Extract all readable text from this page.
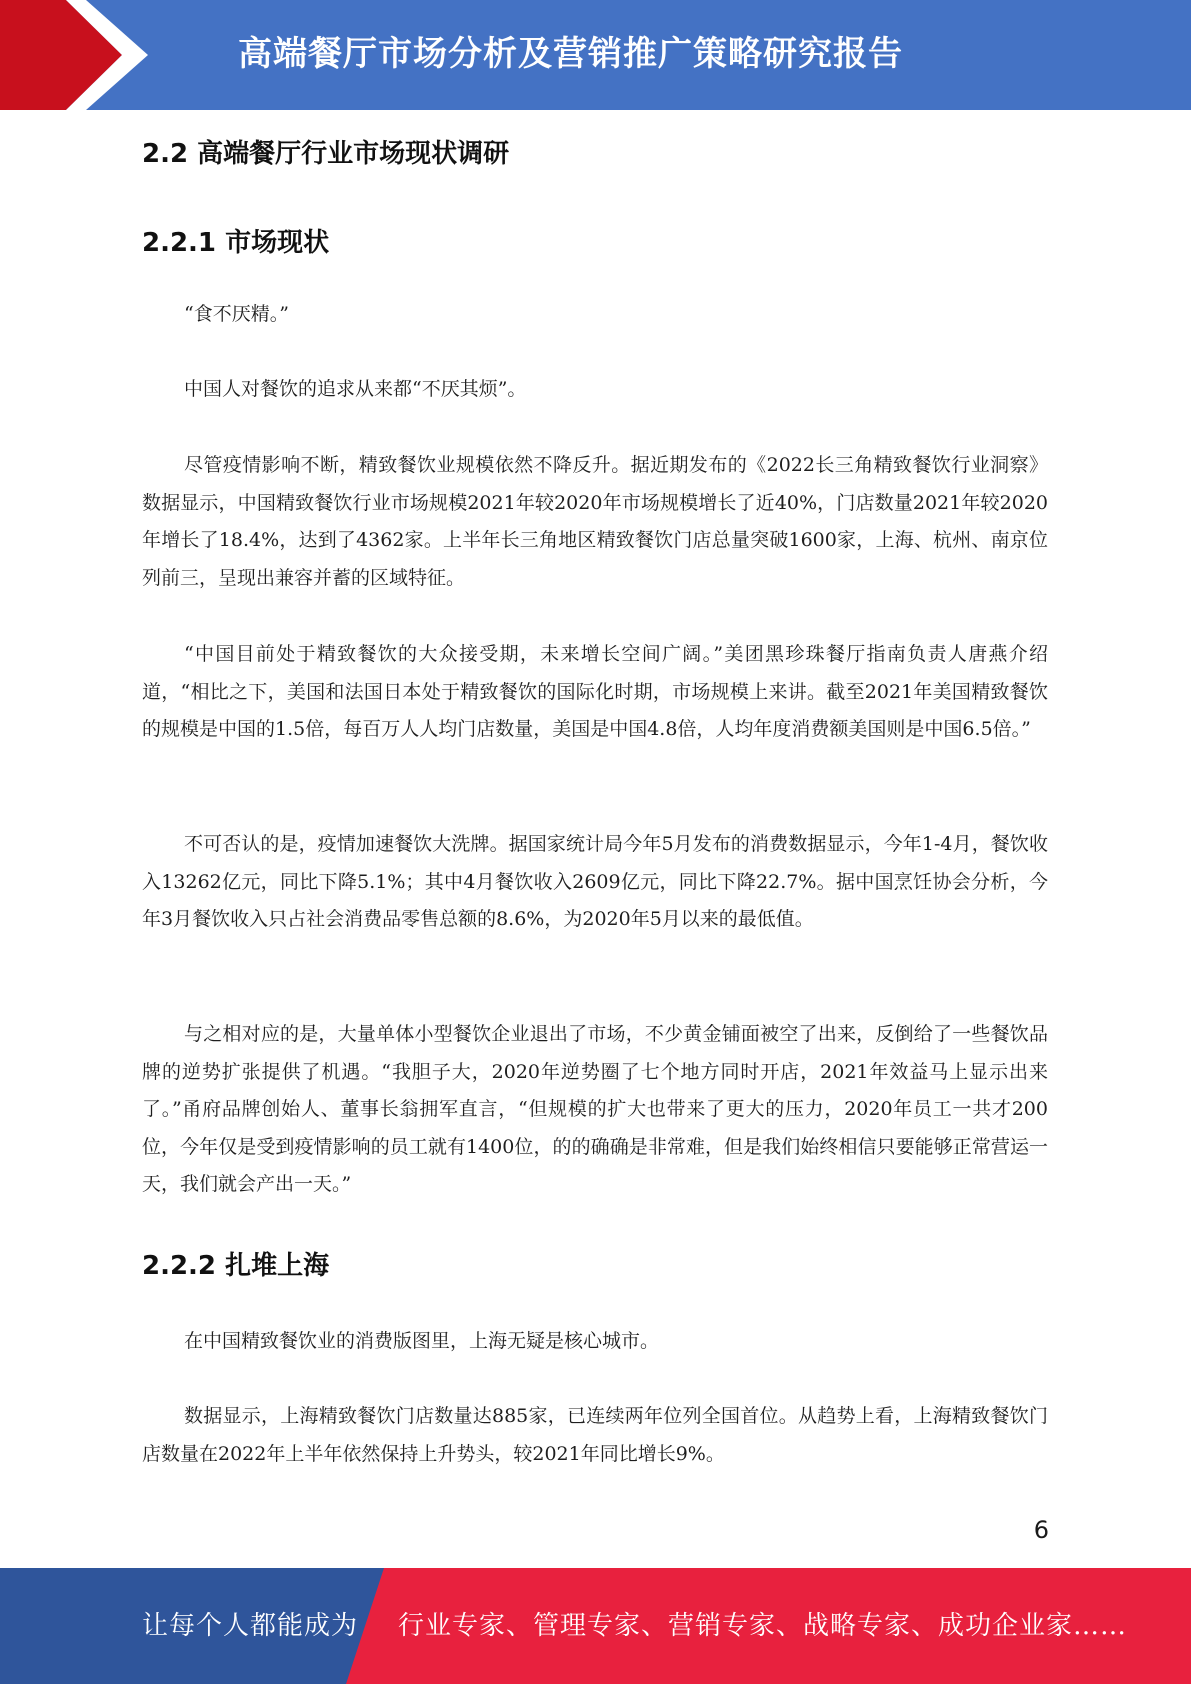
高端餐厅市场分析及营销推广策略研究报告
2.2 高端餐厅行业市场现状调研
2.2.1 市场现状

“食不厌精。”

中国人对餐饮的追求从来都“不厌其烦”。

尽管疫情影响不断，精致餐饮业规模依然不降反升。据近期发布的《2022长三角精致餐饮行业洞察》数据显示，中国精致餐饮行业市场规模2021年较2020年市场规模增长了近40%，门店数量2021年较2020年增长了18.4%，达到了4362家。上半年长三角地区精致餐饮门店总量突破1600家，上海、杭州、南京位列前三，呈现出兼容并蓄的区域特征。

“中国目前处于精致餐饮的大众接受期，未来增长空间广阔。”美团黑珍珠餐厅指南负责人唐燕介绍道，“相比之下，美国和法国日本处于精致餐饮的国际化时期，市场规模上来讲。截至2021年美国精致餐饮的规模是中国的1.5倍，每百万人人均门店数量，美国是中国4.8倍，人均年度消费额美国则是中国6.5倍。”

不可否认的是，疫情加速餐饮大洗牌。据国家统计局今年5月发布的消费数据显示，今年1-4月，餐饮收入13262亿元，同比下降5.1%；其中4月餐饮收入2609亿元，同比下降22.7%。据中国烹饪协会分析，今年3月餐饮收入只占社会消费品零售总额的8.6%，为2020年5月以来的最低值。

与之相对应的是，大量单体小型餐饮企业退出了市场，不少黄金铺面被空了出来，反倒给了一些餐饮品牌的逆势扩张提供了机遇。“我胆子大，2020年逆势圈了七个地方同时开店，2021年效益马上显示出来了。”甬府品牌创始人、董事长翁拥军直言，“但规模的扩大也带来了更大的压力，2020年员工一共才200位，今年仅是受到疫情影响的员工就有1400位，的的确确是非常难，但是我们始终相信只要能够正常营运一天，我们就会产出一天。”

2.2.2 扎堆上海

在中国精致餐饮业的消费版图里，上海无疑是核心城市。

数据显示，上海精致餐饮门店数量达885家，已连续两年位列全国首位。从趋势上看，上海精致餐饮门店数量在2022年上半年依然保持上升势头，较2021年同比增长9%。

6
让每个人都能成为 行业专家、管理专家、营销专家、战略专家、成功企业家……
